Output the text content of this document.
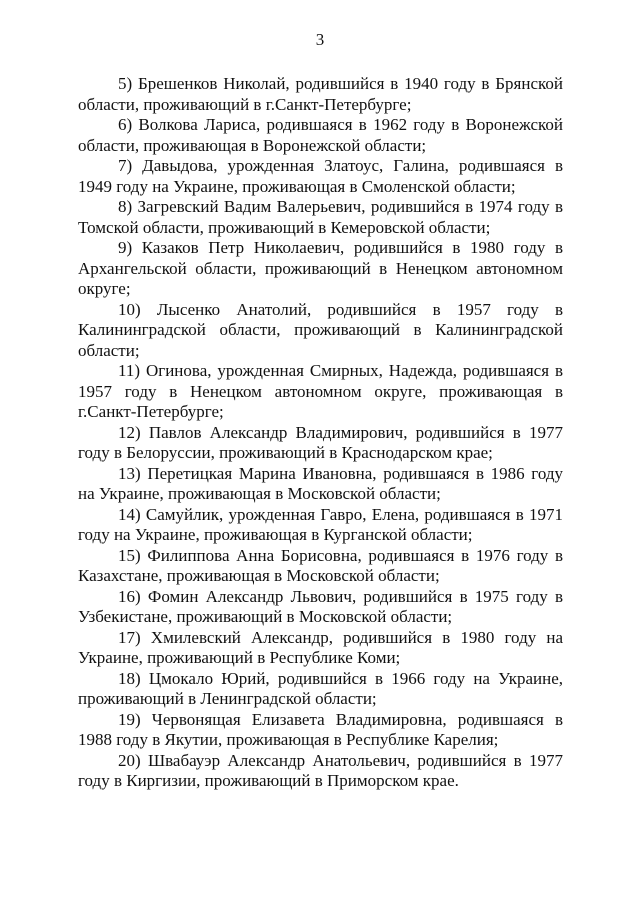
3

5) Брешенков Николай, родившийся в 1940 году в Брянской области, проживающий в г.Санкт-Петербурге;

6) Волкова Лариса, родившаяся в 1962 году в Воронежской области, проживающая в Воронежской области;

7) Давыдова, урожденная Златоус, Галина, родившаяся в 1949 году на Украине, проживающая в Смоленской области;

8) Загревский Вадим Валерьевич, родившийся в 1974 году в Томской области, проживающий в Кемеровской области;

9) Казаков Петр Николаевич, родившийся в 1980 году в Архангельской области, проживающий в Ненецком автономном округе;

10) Лысенко Анатолий, родившийся в 1957 году в Калининградской области, проживающий в Калининградской области;

11) Огинова, урожденная Смирных, Надежда, родившаяся в 1957 году в Ненецком автономном округе, проживающая в г.Санкт-Петербурге;

12) Павлов Александр Владимирович, родившийся в 1977 году в Белоруссии, проживающий в Краснодарском крае;

13) Перетицкая Марина Ивановна, родившаяся в 1986 году на Украине, проживающая в Московской области;

14) Самуйлик, урожденная Гавро, Елена, родившаяся в 1971 году на Украине, проживающая в Курганской области;

15) Филиппова Анна Борисовна, родившаяся в 1976 году в Казахстане, проживающая в Московской области;

16) Фомин Александр Львович, родившийся в 1975 году в Узбекистане, проживающий в Московской области;

17) Хмилевский Александр, родившийся в 1980 году на Украине, проживающий в Республике Коми;

18) Цмокало Юрий, родившийся в 1966 году на Украине, проживающий в Ленинградской области;

19) Червонящая Елизавета Владимировна, родившаяся в 1988 году в Якутии, проживающая в Республике Карелия;

20) Швабауэр Александр Анатольевич, родившийся в 1977 году в Киргизии, проживающий в Приморском крае.
